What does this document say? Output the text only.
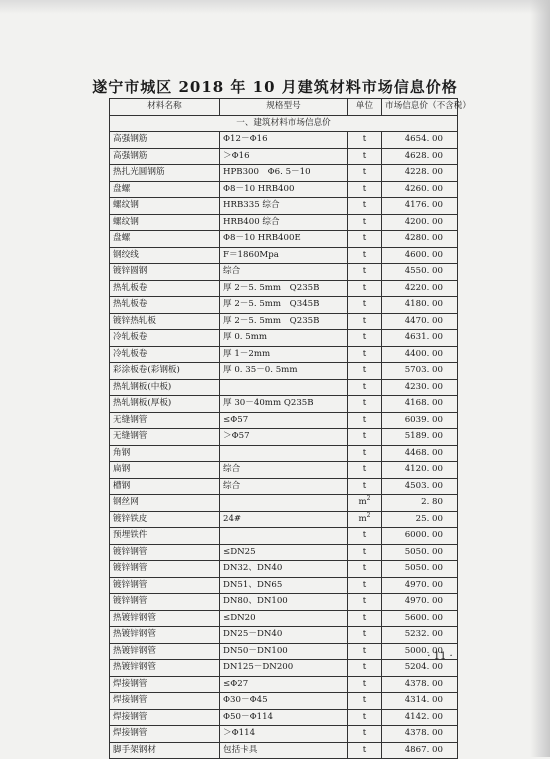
遂宁市城区 2018 年 10 月建筑材料市场信息价格
材料名称	规格型号	单位	市场信息价（不含税）
一、建筑材料市场信息价			
高强钢筋	Φ12－Φ16	t	4654. 00
高强钢筋	＞Φ16	t	4628. 00
热扎光圆钢筋	HPB300　Φ6. 5－10	t	4228. 00
盘螺	Φ8－10 HRB400	t	4260. 00
螺纹钢	HRB335 综合	t	4176. 00
螺纹钢	HRB400 综合	t	4200. 00
盘螺	Φ8－10 HRB400E	t	4280. 00
钢绞线	F＝1860Mpa	t	4600. 00
镀锌圆钢	综合	t	4550. 00
热轧板卷	厚 2－5. 5mm　Q235B	t	4220. 00
热轧板卷	厚 2－5. 5mm　Q345B	t	4180. 00
镀锌热轧板	厚 2－5. 5mm　Q235B	t	4470. 00
冷轧板卷	厚 0. 5mm	t	4631. 00
冷轧板卷	厚 1－2mm	t	4400. 00
彩涂板卷(彩钢板)	厚 0. 35－0. 5mm	t	5703. 00
热轧钢板(中板)		t	4230. 00
热轧钢板(厚板)	厚 30－40mm Q235B	t	4168. 00
无缝钢管	≤Φ57	t	6039. 00
无缝钢管	＞Φ57	t	5189. 00
角钢		t	4468. 00
扁钢	综合	t	4120. 00
槽钢	综合	t	4503. 00
钢丝网		$m^2$	2. 80
镀锌铁皮	24#	$m^2$	25. 00
预埋铁件		t	6000. 00
镀锌钢管	≤DN25	t	5050. 00
镀锌钢管	DN32、DN40	t	5050. 00
镀锌钢管	DN51、DN65	t	4970. 00
镀锌钢管	DN80、DN100	t	4970. 00
热镀锌钢管	≤DN20	t	5600. 00
热镀锌钢管	DN25－DN40	t	5232. 00
热镀锌钢管	DN50－DN100	t	5000. 00
热镀锌钢管	DN125－DN200	t	5204. 00
焊接钢管	≤Φ27	t	4378. 00
焊接钢管	Φ30－Φ45	t	4314. 00
焊接钢管	Φ50－Φ114	t	4142. 00
焊接钢管	＞Φ114	t	4378. 00
脚手架钢材	包括卡具	t	4867. 00
· 11 ·
